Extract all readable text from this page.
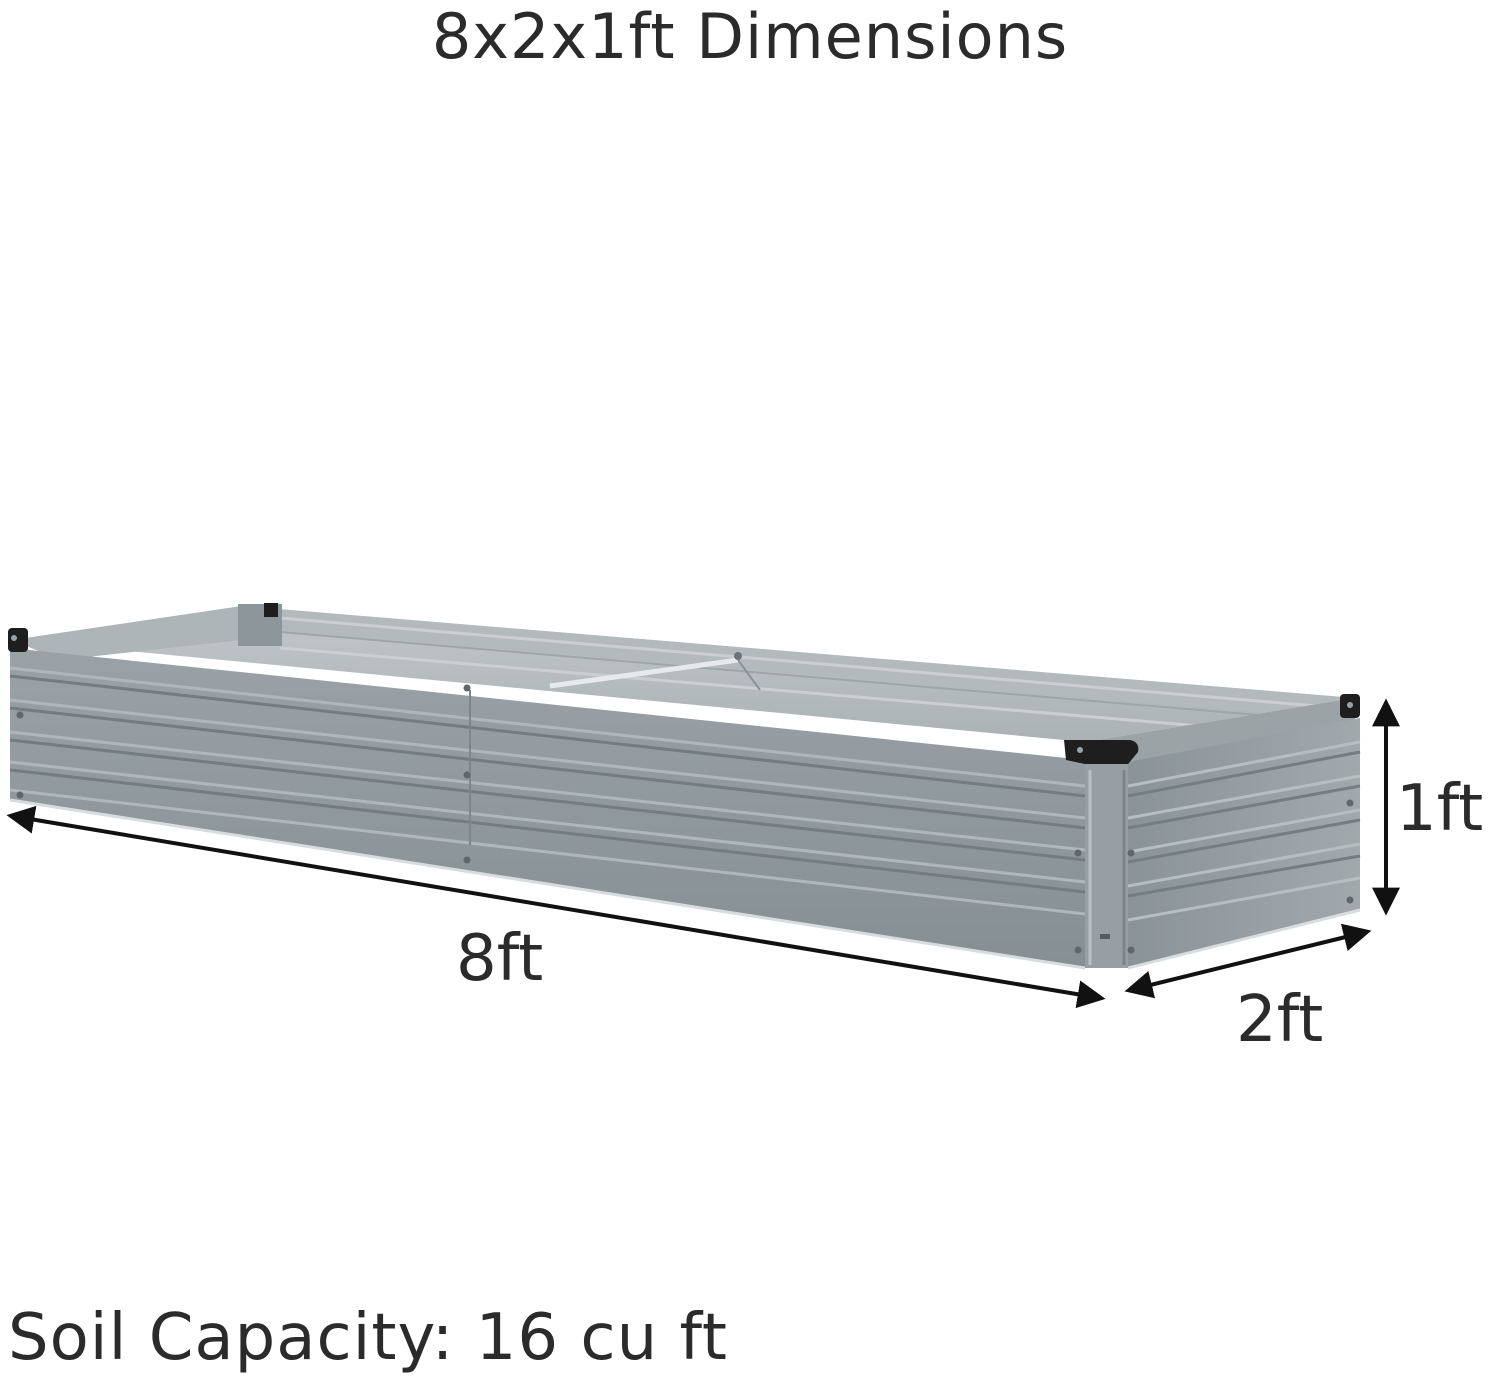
8x2x1ft Dimensions
8ft
2ft
1ft
Soil Capacity: 16 cu ft
